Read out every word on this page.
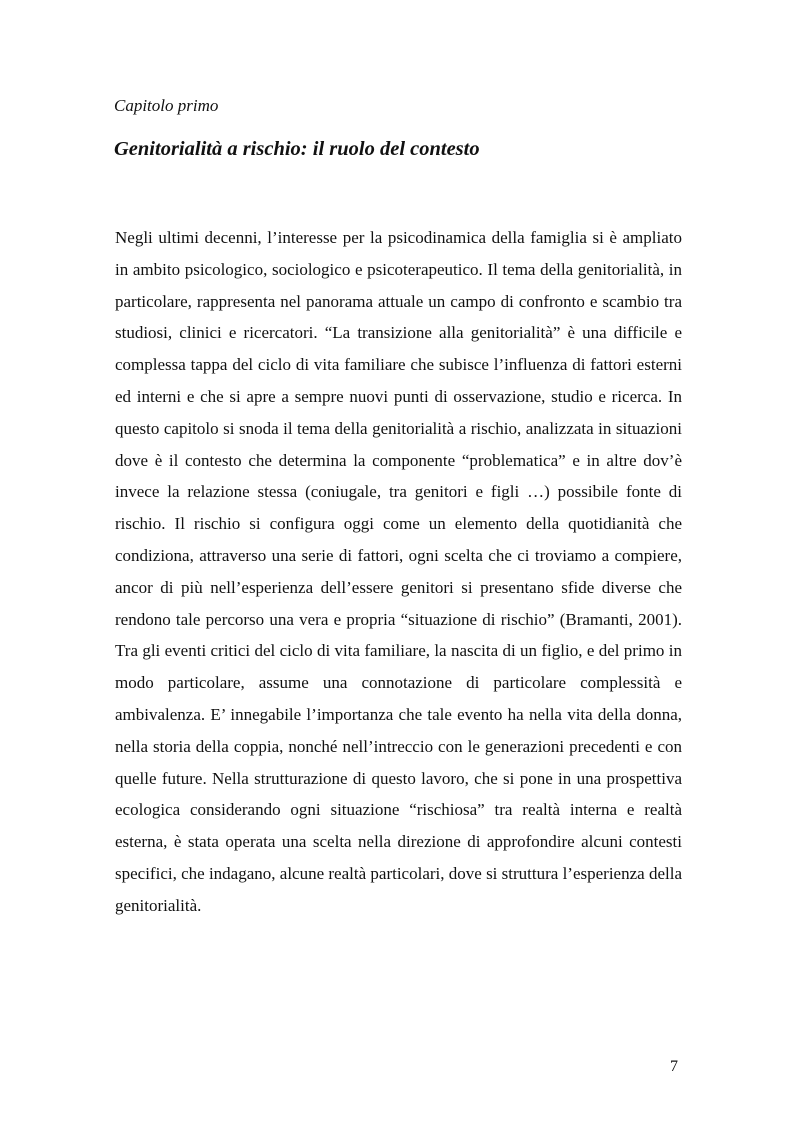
Capitolo primo
Genitorialità a rischio: il ruolo del contesto

Negli ultimi decenni, l’interesse per la psicodinamica della famiglia si è ampliato in ambito psicologico, sociologico e psicoterapeutico. Il tema della genitorialità, in particolare, rappresenta nel panorama attuale un campo di confronto e scambio tra studiosi, clinici e ricercatori. “La transizione alla genitorialità” è una difficile e complessa tappa del ciclo di vita familiare che subisce l’influenza di fattori esterni ed interni e che si apre a sempre nuovi punti di osservazione, studio e ricerca. In questo capitolo si snoda il tema della genitorialità a rischio, analizzata in situazioni dove è il contesto che determina la componente “problematica” e in altre dov’è invece la relazione stessa (coniugale, tra genitori e figli …) possibile fonte di rischio. Il rischio si configura oggi come un elemento della quotidianità che condiziona, attraverso una serie di fattori, ogni scelta che ci troviamo a compiere, ancor di più nell’esperienza dell’essere genitori si presentano sfide diverse che rendono tale percorso una vera e propria “situazione di rischio” (Bramanti, 2001). Tra gli eventi critici del ciclo di vita familiare, la nascita di un figlio, e del primo in modo particolare, assume una connotazione di particolare complessità e ambivalenza. E’ innegabile l’importanza che tale evento ha nella vita della donna, nella storia della coppia, nonché nell’intreccio con le generazioni precedenti e con quelle future. Nella strutturazione di questo lavoro, che si pone in una prospettiva ecologica considerando ogni situazione “rischiosa” tra realtà interna e realtà esterna, è stata operata una scelta nella direzione di approfondire alcuni contesti specifici, che indagano, alcune realtà particolari, dove si struttura l’esperienza della genitorialità.

7
